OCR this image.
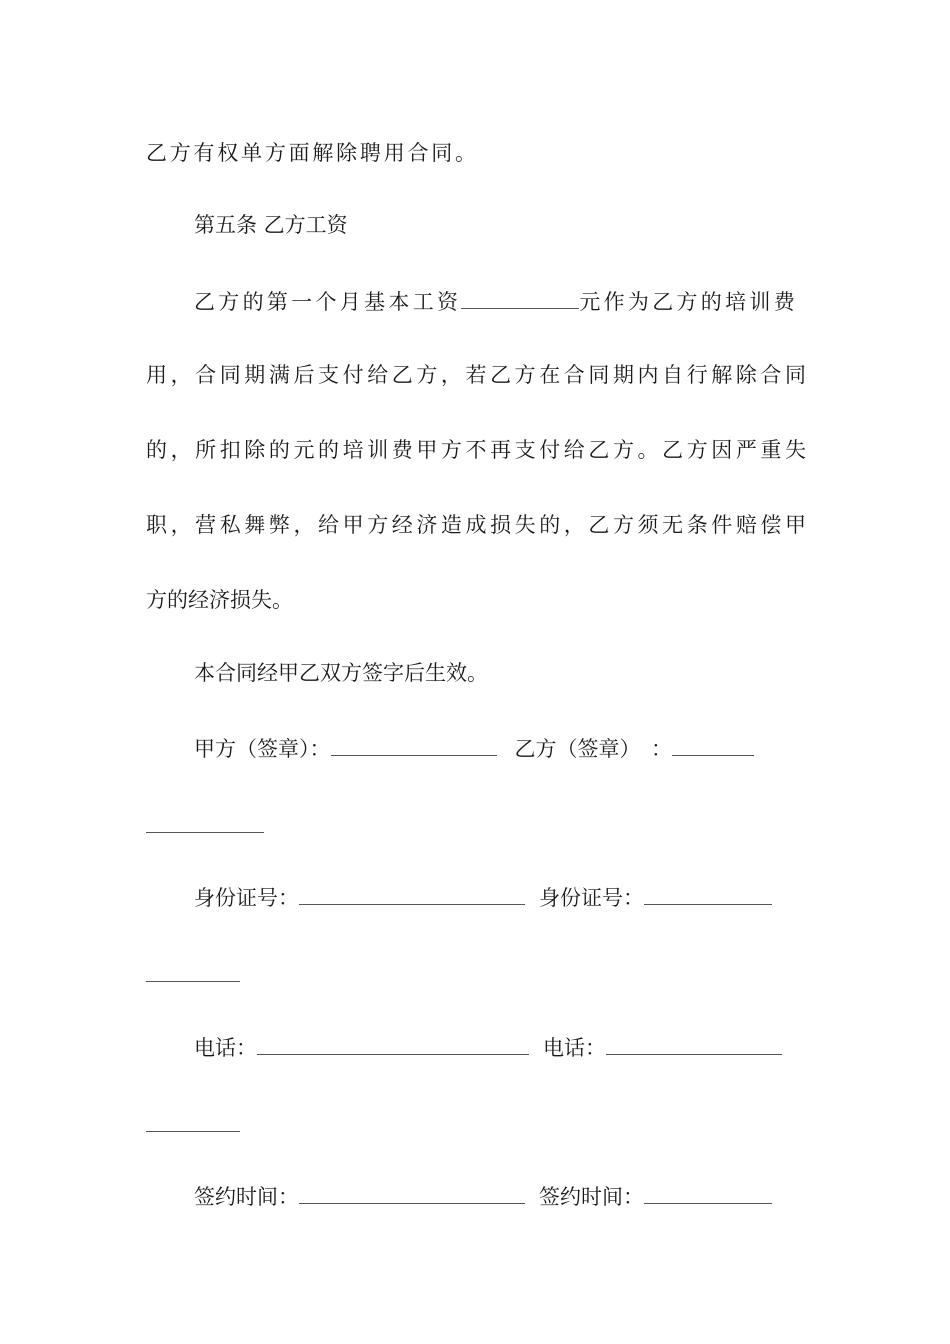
乙方有权单方面解除聘用合同。
第五条 乙方工资
乙方的第一个月基本工资	元作为乙方的培训费
用，合同期满后支付给乙方，若乙方在合同期内自行解除合同
的，所扣除的元的培训费甲方不再支付给乙方。乙方因严重失
职，营私舞弊，给甲方经济造成损失的，乙方须无条件赔偿甲
方的经济损失。
本合同经甲乙双方签字后生效。
甲方（签章）：	乙方（签章）　：
身份证号：	身份证号：
电话：	电话：
签约时间：	签约时间：
